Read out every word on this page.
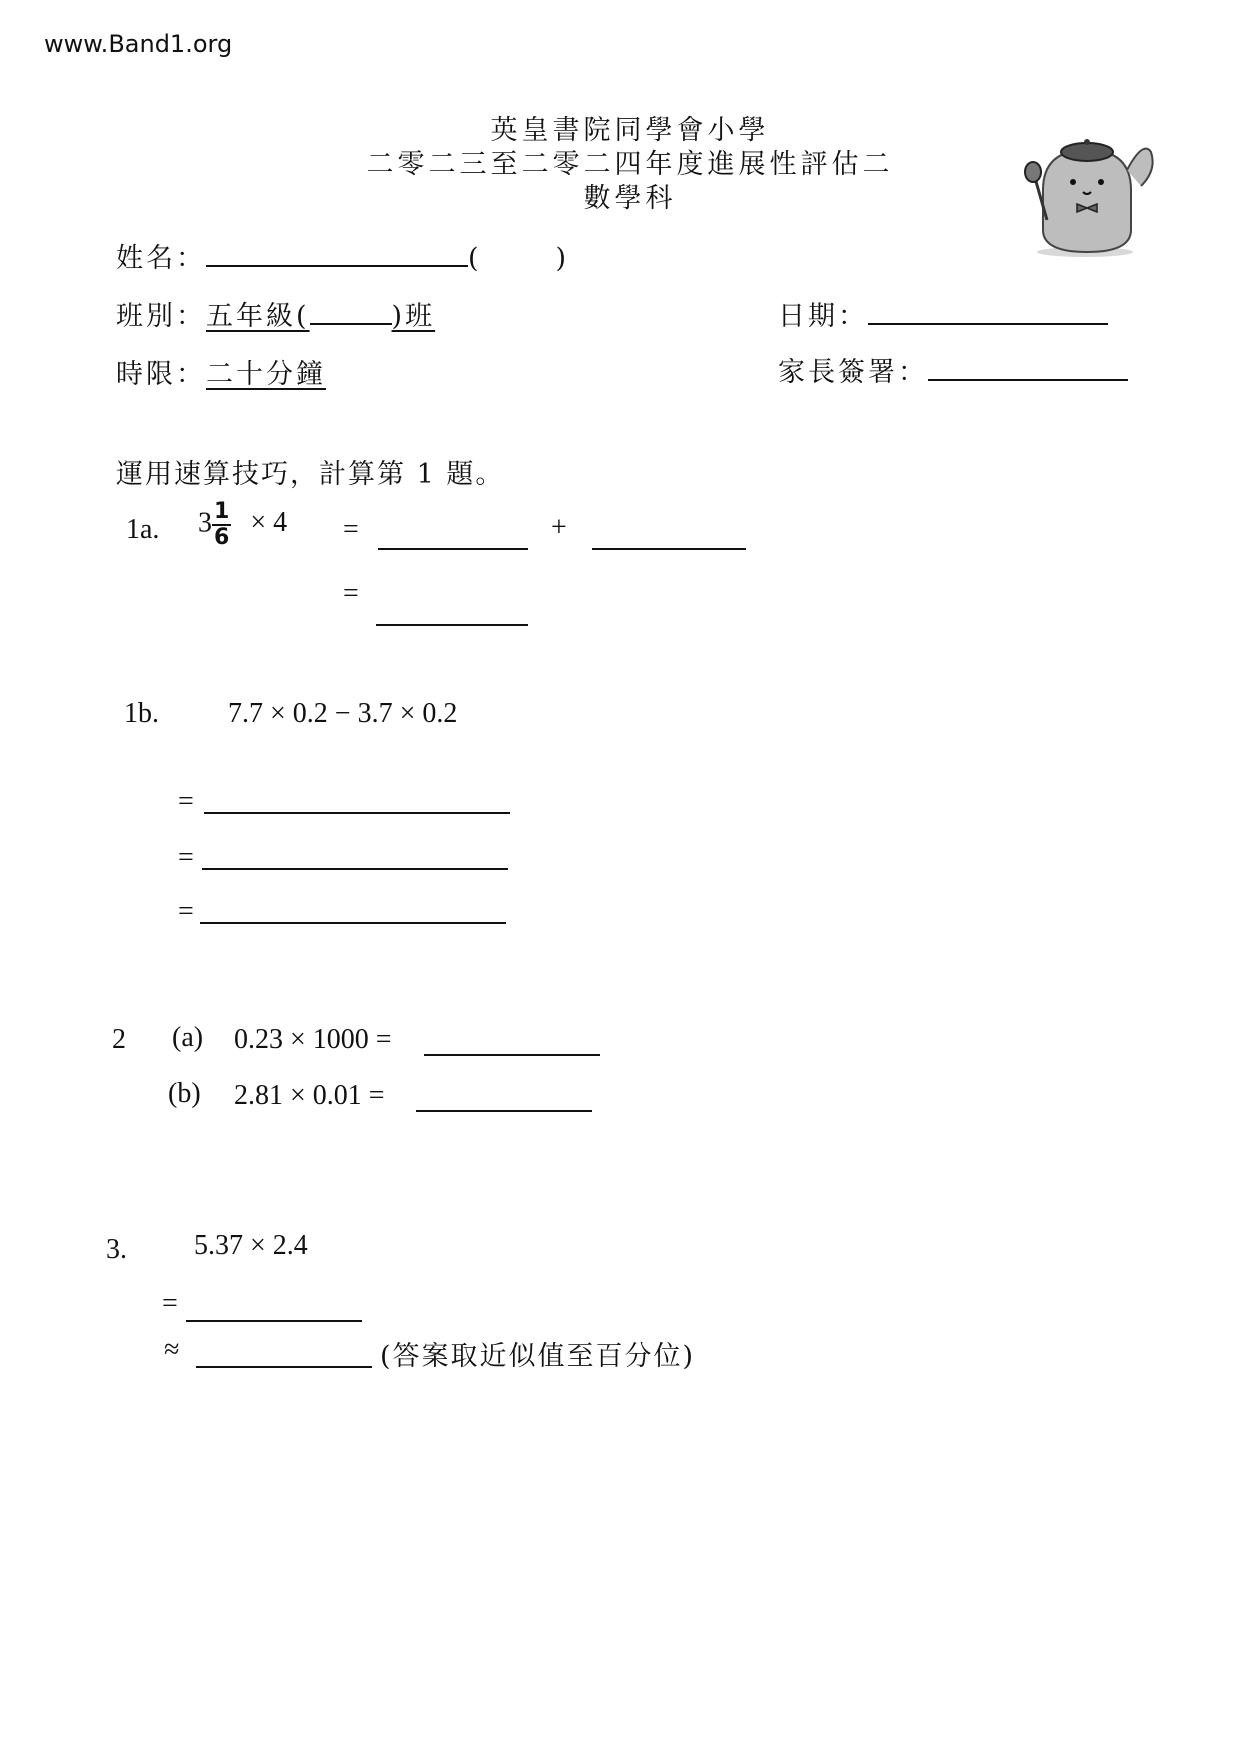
www.Band1.org
英皇書院同學會小學
二零二三至二零二四年度進展性評估二
數學科
姓名：	(	)
班別：五年級(	)班	日期：
時限：二十分鐘	家長簽署：
運用速算技巧，計算第 1 題。
1a. $3 \frac{1}{6} \times 4$ =	+
=
1b. 7.7 × 0.2 − 3.7 × 0.2
=
=
=
2 (a) 0.23 × 1000 =
(b) 2.81 × 0.01 =
3. 5.37 × 2.4
=
≈	(答案取近似值至百分位)
